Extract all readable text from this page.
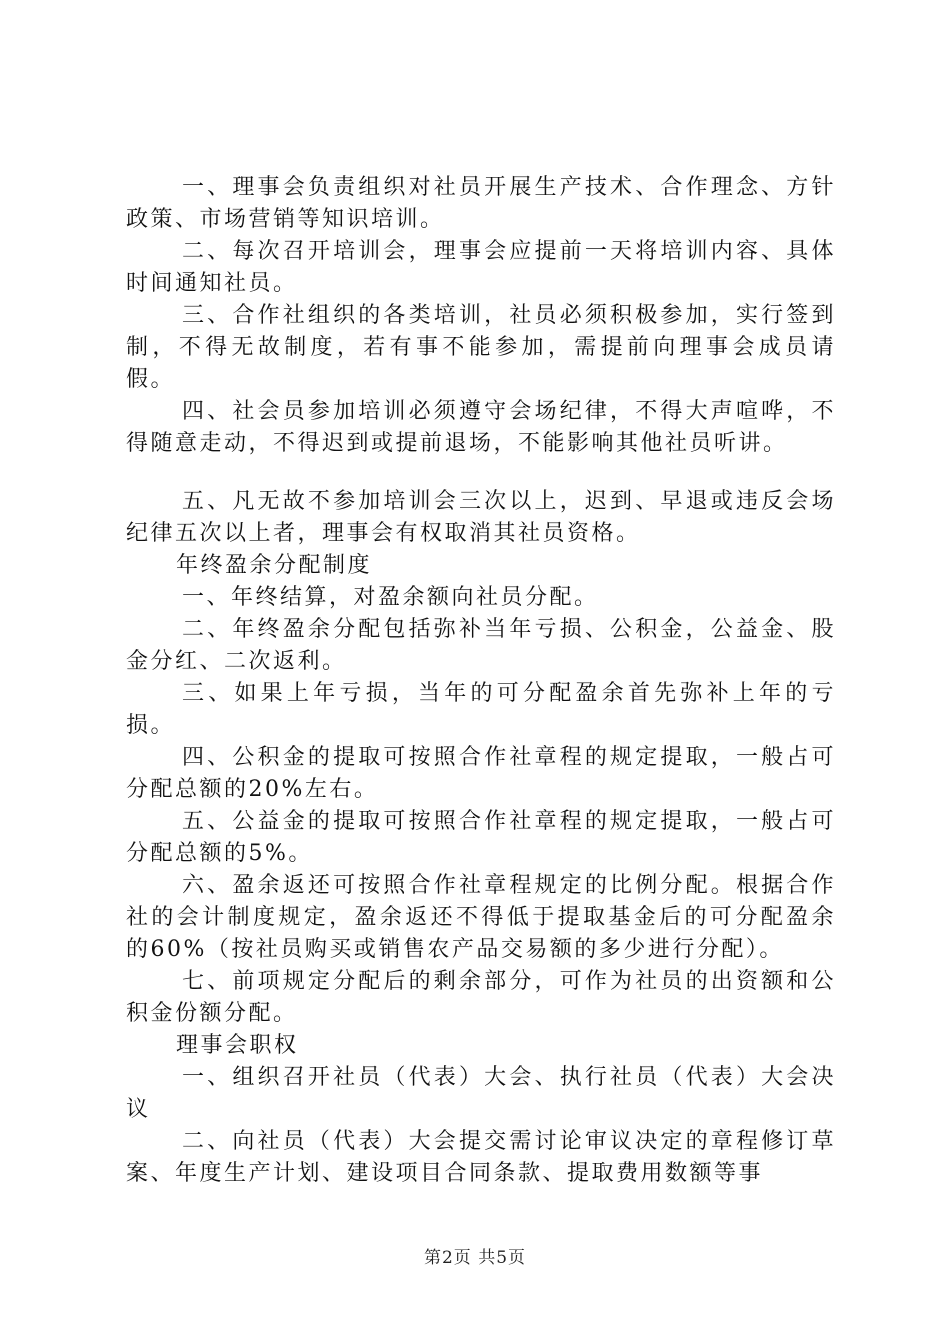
一、理事会负责组织对社员开展生产技术、合作理念、方针政策、市场营销等知识培训。

二、每次召开培训会，理事会应提前一天将培训内容、具体时间通知社员。

三、合作社组织的各类培训，社员必须积极参加，实行签到制，不得无故制度，若有事不能参加，需提前向理事会成员请假。

四、社会员参加培训必须遵守会场纪律，不得大声喧哗，不得随意走动，不得迟到或提前退场，不能影响其他社员听讲。

五、凡无故不参加培训会三次以上，迟到、早退或违反会场纪律五次以上者，理事会有权取消其社员资格。

年终盈余分配制度

一、年终结算，对盈余额向社员分配。

二、年终盈余分配包括弥补当年亏损、公积金，公益金、股金分红、二次返利。

三、如果上年亏损，当年的可分配盈余首先弥补上年的亏损。

四、公积金的提取可按照合作社章程的规定提取，一般占可分配总额的20%左右。

五、公益金的提取可按照合作社章程的规定提取，一般占可分配总额的5%。

六、盈余返还可按照合作社章程规定的比例分配。根据合作社的会计制度规定，盈余返还不得低于提取基金后的可分配盈余的60%（按社员购买或销售农产品交易额的多少进行分配）。

七、前项规定分配后的剩余部分，可作为社员的出资额和公积金份额分配。

理事会职权

一、组织召开社员（代表）大会、执行社员（代表）大会决议

二、向社员（代表）大会提交需讨论审议决定的章程修订草案、年度生产计划、建设项目合同条款、提取费用数额等事

第2页 共5页
